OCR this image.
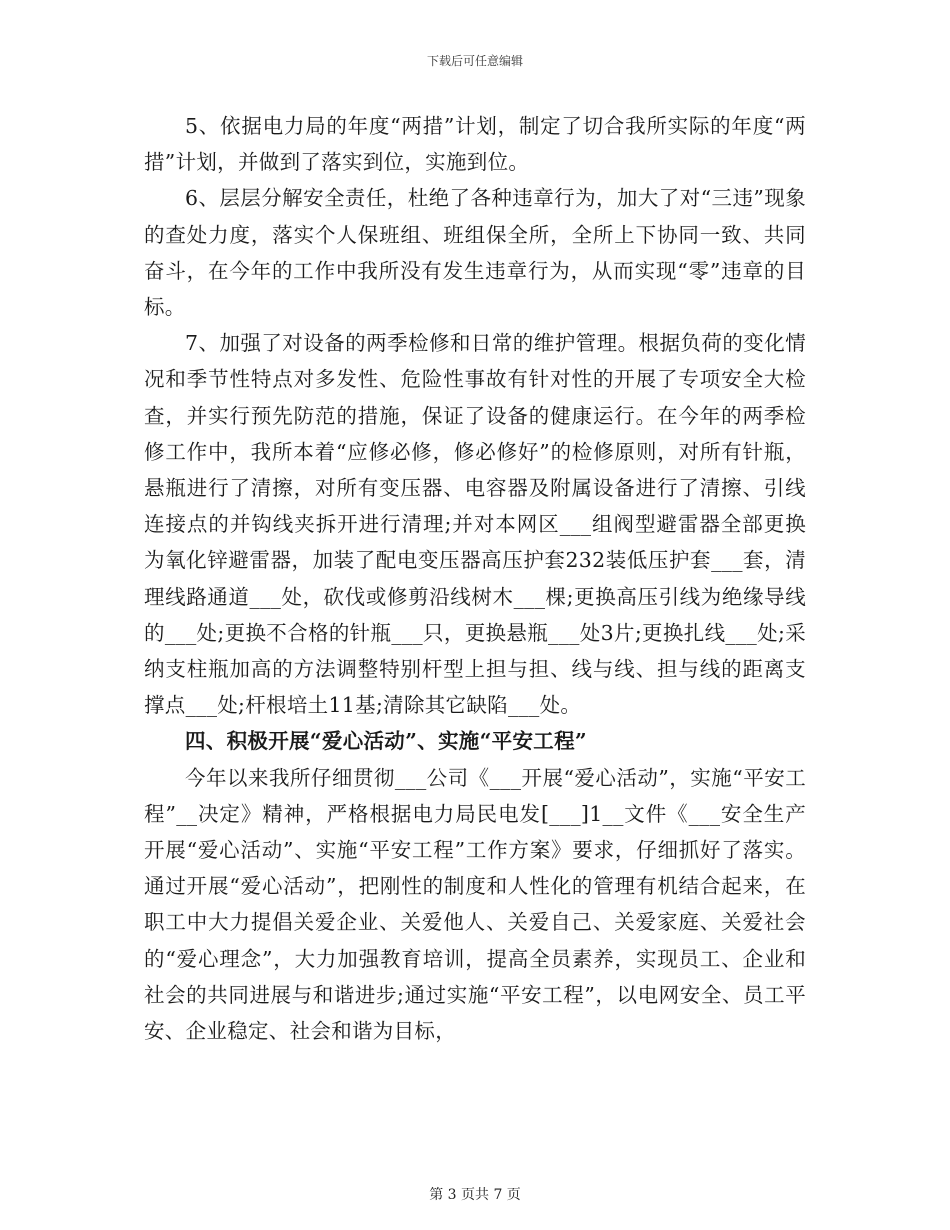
下载后可任意编辑

5、依据电力局的年度“两措”计划，制定了切合我所实际的年度“两措”计划，并做到了落实到位，实施到位。

6、层层分解安全责任，杜绝了各种违章行为，加大了对“三违”现象的查处力度，落实个人保班组、班组保全所，全所上下协同一致、共同奋斗，在今年的工作中我所没有发生违章行为，从而实现“零”违章的目标。

7、加强了对设备的两季检修和日常的维护管理。根据负荷的变化情况和季节性特点对多发性、危险性事故有针对性的开展了专项安全大检查，并实行预先防范的措施，保证了设备的健康运行。在今年的两季检修工作中，我所本着“应修必修，修必修好”的检修原则，对所有针瓶，悬瓶进行了清擦，对所有变压器、电容器及附属设备进行了清擦、引线连接点的并钩线夹拆开进行清理;并对本网区___组阀型避雷器全部更换为氧化锌避雷器，加装了配电变压器高压护套232装低压护套___套，清理线路通道___处，砍伐或修剪沿线树木___棵;更换高压引线为绝缘导线的___处;更换不合格的针瓶___只，更换悬瓶___处3片;更换扎线___处;采纳支柱瓶加高的方法调整特别杆型上担与担、线与线、担与线的距离支撑点___处;杆根培土11基;清除其它缺陷___处。

四、积极开展“爱心活动”、实施“平安工程”

今年以来我所仔细贯彻___公司《___开展“爱心活动”，实施“平安工程”__决定》精神，严格根据电力局民电发[___]1__文件《___安全生产开展“爱心活动”、实施“平安工程”工作方案》要求，仔细抓好了落实。通过开展“爱心活动”，把刚性的制度和人性化的管理有机结合起来，在职工中大力提倡关爱企业、关爱他人、关爱自己、关爱家庭、关爱社会的“爱心理念”，大力加强教育培训，提高全员素养，实现员工、企业和社会的共同进展与和谐进步;通过实施“平安工程”，以电网安全、员工平安、企业稳定、社会和谐为目标，

第 3 页共 7 页
